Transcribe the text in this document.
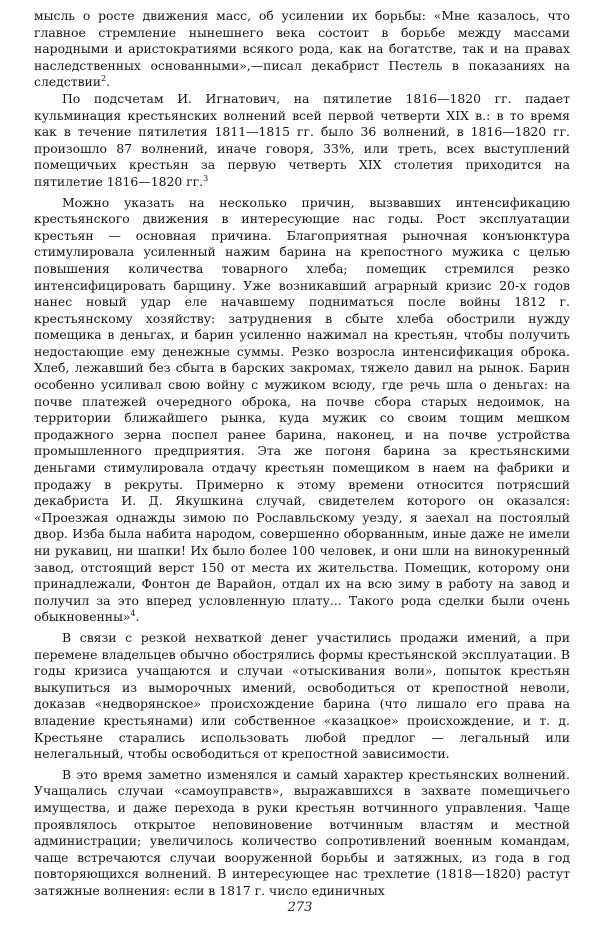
мысль о росте движения масс, об усилении их борьбы: «Мне казалось, что главное стремление нынешнего века состоит в борьбе между массами народными и аристократиями всякого рода, как на богатстве, так и на правах наследственных основанными»,—писал декабрист Пестель в показаниях на следствии$^2$.

По подсчетам И. Игнатович, на пятилетие 1816—1820 гг. падает кульминация крестьянских волнений всей первой четверти XIX в.: в то время как в течение пятилетия 1811—1815 гг. было 36 волнений, в 1816—1820 гг. произошло 87 волнений, иначе говоря, 33%, или треть, всех выступлений помещичьих крестьян за первую четверть XIX столетия приходится на пятилетие 1816—1820 гг.$^3$

Можно указать на несколько причин, вызвавших интенсификацию крестьянского движения в интересующие нас годы. Рост эксплуатации крестьян — основная причина. Благоприятная рыночная конъюнктура стимулировала усиленный нажим барина на крепостного мужика с целью повышения количества товарного хлеба; помещик стремился резко интенсифицировать барщину. Уже возникавший аграрный кризис 20-х годов нанес новый удар еле начавшему подниматься после войны 1812 г. крестьянскому хозяйству: затруднения в сбыте хлеба обострили нужду помещика в деньгах, и барин усиленно нажимал на крестьян, чтобы получить недостающие ему денежные суммы. Резко возросла интенсификация оброка. Хлеб, лежавший без сбыта в барских закромах, тяжело давил на рынок. Барин особенно усиливал свою войну с мужиком всюду, где речь шла о деньгах: на почве платежей очередного оброка, на почве сбора старых недоимок, на территории ближайшего рынка, куда мужик со своим тощим мешком продажного зерна поспел ранее барина, наконец, и на почве устройства промышленного предприятия. Эта же погоня барина за крестьянскими деньгами стимулировала отдачу крестьян помещиком в наем на фабрики и продажу в рекруты. Примерно к этому времени относится потрясший декабриста И. Д. Якушкина случай, свидетелем которого он оказался: «Проезжая однажды зимою по Рославльскому уезду, я заехал на постоялый двор. Изба была набита народом, совершенно оборванным, иные даже не имели ни рукавиц, ни шапки! Их было более 100 человек, и они шли на винокуренный завод, отстоящий верст 150 от места их жительства. Помещик, которому они принадлежали, Фонтон де Варайон, отдал их на всю зиму в работу на завод и получил за это вперед условленную плату... Такого рода сделки были очень обыкновенны»$^4$.

В связи с резкой нехваткой денег участились продажи имений, а при перемене владельцев обычно обострялись формы крестьянской эксплуатации. В годы кризиса учащаются и случаи «отыскивания воли», попыток крестьян выкупиться из выморочных имений, освободиться от крепостной неволи, доказав «недворянское» происхождение барина (что лишало его права на владение крестьянами) или собственное «казацкое» происхождение, и т. д. Крестьяне старались использовать любой предлог — легальный или нелегальный, чтобы освободиться от крепостной зависимости.

В это время заметно изменялся и самый характер крестьянских волнений. Учащались случаи «самоуправств», выражавшихся в захвате помещичьего имущества, и даже перехода в руки крестьян вотчинного управления. Чаще проявлялось открытое неповиновение вотчинным властям и местной администрации; увеличилось количество сопротивлений военным командам, чаще встречаются случаи вооруженной борьбы и затяжных, из года в год повторяющихся волнений. В интересующее нас трехлетие (1818—1820) растут затяжные волнения: если в 1817 г. число единичных

273
